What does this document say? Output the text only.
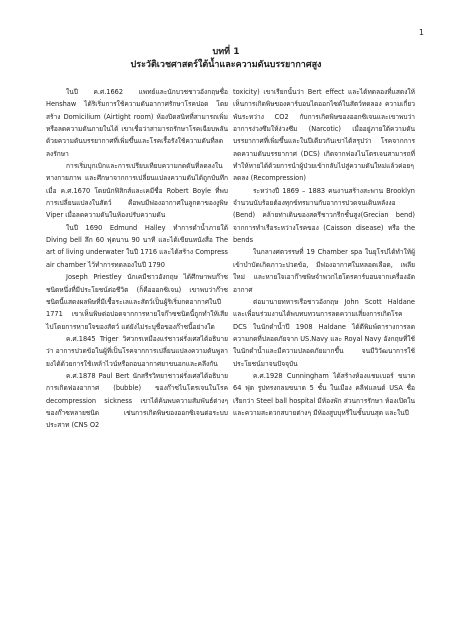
1
บทที่ 1
ประวัติเวชศาสตร์ใต้น้ำและความดันบรรยากาศสูง

ในปี ค.ศ.1662 แพทย์และนักบวชชาวอังกฤษชื่อ Henshaw ได้ริเริ่มการใช้ความดันอากาศรักษาโรคปอด โดยสร้าง Domicilium (Airtight room) ห้องปิดสนิทที่สามารถเพิ่มหรือลดความดันภายในได้ เขาเชื่อว่าสามารถรักษาโรคเฉียบพลันด้วยความดันบรรยากาศที่เพิ่มขึ้นและโรคเรื้อรังใช้ความดันที่ลดลงรักษา

การเริ่มบุกเบิกและการเปรียบเทียบความกดดันที่ลดลงในทางกายภาพ และศึกษาจากการเปลี่ยนแปลงความดันได้ถูกบันทึก เมื่อ ค.ศ.1670 โดยนักฟิสิกส์และเคมีชื่อ Robert Boyle ที่พบการเปลี่ยนแปลงในสัตว์ คือพบมีฟองอากาศในลูกตาของงูพิษ Viper เมื่อลดความดันในห้องปรับความดัน

ในปี 1690 Edmund Halley ทำการดำน้ำภายใต้ Diving bell ลึก 60 ฟุตนาน 90 นาที และได้เขียนหนังสือ The art of living underwater ในปี 1716 และได้สร้าง Compress air chamber ไว้ทำการทดลองในปี 1790

Joseph Priestley นักเคมีชาวอังกฤษ ได้ศึกษาพบก๊าซชนิดหนึ่งที่มีประโยชน์ต่อชีวิต (ก็คือออกซิเจน) เขาพบว่าก๊าซชนิดนี้แสดงผลพิษที่มีเชื้อระเลและสัตว์เป็นผู้ริเริ่มกดอากาศในปี 1771 เขาเห็นพิษต่อปอดจากการหายใจก๊าซชนิดนี้ถูกทำให้เสียไปโดยการหายใจของสัตว์ แต่ยังไม่ระบุชื่อของก๊าซนี้อย่างใด

ค.ศ.1845 Triger วิศวกรเหมืองแร่ชาวฝรั่งเศสได้อธิบายว่า อาการปวดข้อในผู้ที่เป็นโรคจากการเปลี่ยนแปลงความดันพูลายงได้ด้วยการใช้เหล้าไวน์หรือถอนอากาศยาขนอกและคลึงกัน

ค.ศ.1878 Paul Bert นักสรีรวิทยาชาวฝรั่งเศสได้อธิบายการเกิดฟองอากาศ (bubble) ของก๊าซไนโตรเจนในโรค decompression sickness เขาได้ค้นพบความสัมพันธ์ต่างๆ ของก๊าซหลายชนิด เช่นการเกิดพิษของออกซิเจนต่อระบบประสาท (CNS O2

toxicity) เขาเรียกนั้นว่า Bert effect และได้ทดลองที่แสดงให้เห็นการเกิดพิษของคาร์บอนไดออกไซด์ในสัตว์ทดลอง ความเกี่ยวพันระหว่าง CO2 กับการเกิดพิษของออกซิเจนและเขาพบว่าอาการง่วงซึมให้ง่วงซึม (Narcotic) เมื่ออยู่ภายใต้ความดันบรรยากาศที่เพิ่มขึ้นและในปีเดียวกันเขาได้สรุปว่า โรคจากการลดความดันบรรยากาศ (DCS) เกิดจากฟองไนโตรเจนสามารถที่ทำให้หายได้ด้วยการนำผู้ป่วยเข้ากลับไปสู่ความดันใหม่แล้วค่อยๆลดลง (Recompression)

ระหว่างปี 1869 – 1883 คนงานสร้างสะพาน Brooklyn จำนวนนับร้อยต้องทุกข์ทรมานกับอาการปวดจนเดินหลังงอ (Bend) คล้ายท่าเดินของสตรีชาวกรีกชั้นสูง(Grecian bend) จากการทำเรือระหว่างโรคของ (Caisson disease) หรือ the bends

ในกลางศตวรรษที่ 19 Chamber spa ในยุโรปได้ทำให้ผู้เข้าบำบัดเกิดภาวะปวดข้อ, มีฟองอากาศในหลอดเลือด, เพลียใหม่ และหายใจเอาก๊าซพิษจำพวกไฮโดรคาร์บอนจากเครื่องอัดอากาศ

ต่อมานายทหารเรือชาวอังกฤษ John Scott Haldane และเพื่อนร่วมงานได้พบทบทวนการลดความเสี่ยงการเกิดโรค DCS ในนักดำน้ำปี 1908 Haldane ได้ตีพิมพ์ตารางการลดความกดที่ปลอดภัยจาก US.Navy และ Royal Navy อังกฤษที่ใช้ในนักดำน้ำและมีความปลอดภัยมากขึ้น จนมีวิวัฒนาการใช้ประโยชน์มาจนปัจจุบัน

ค.ศ.1928 Cunningham ได้สร้างห้องแชมเบอร์ ขนาด 64 ฟุต รูปทรงกลมขนาด 5 ชั้น ในเมือง คลีฟแลนด์ USA ชื่อเรียกว่า Steel ball hospital มีห้องพัก ส่วนการรักษา ห้องเปิดในและความสะดวกสบายต่างๆ มีห้องสูบบุหรี่ในชั้นบนสุด และในปี
